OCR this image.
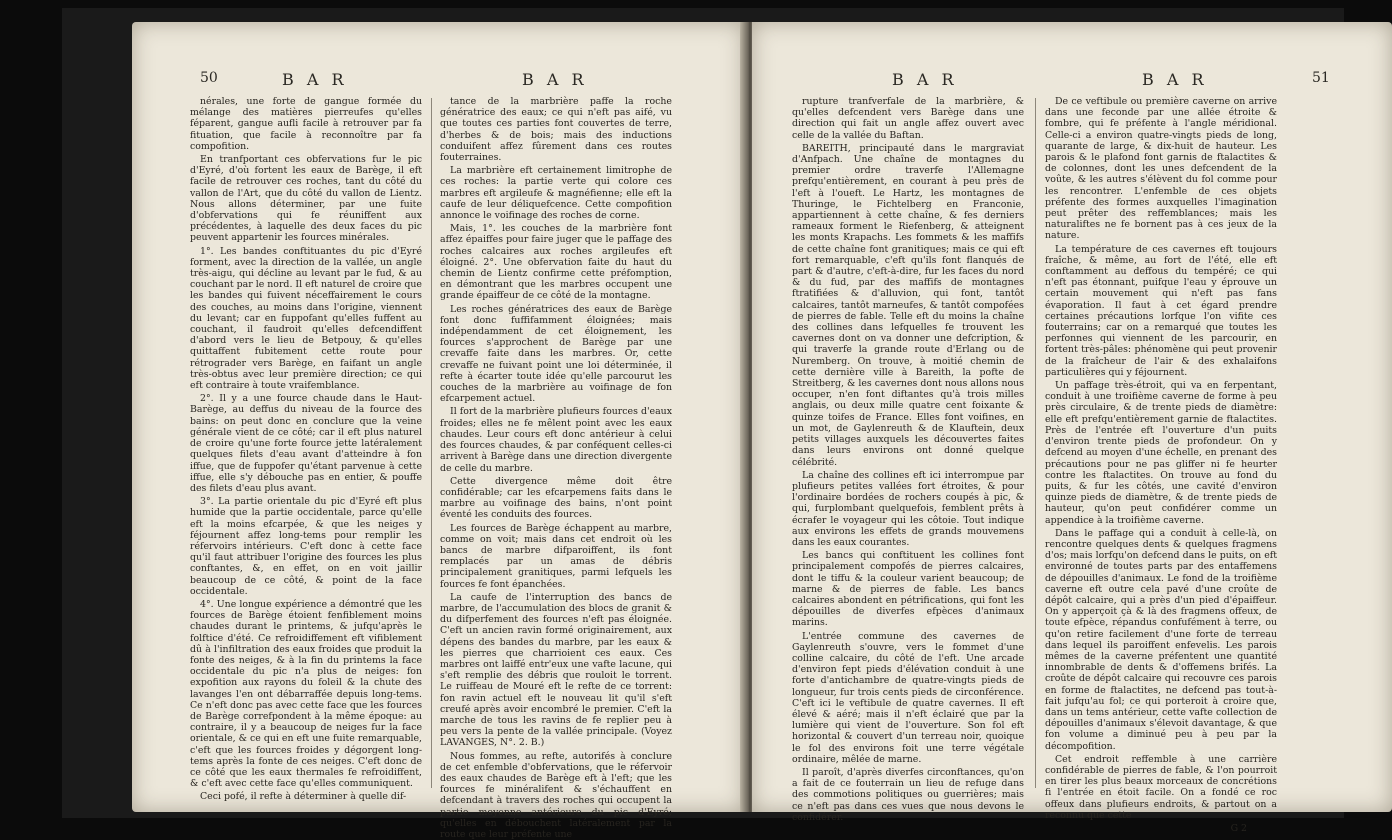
50	B A R	B A R

nérales, une forte de gangue formée du mélange des matières pierreufes qu'elles féparent, gangue aufli facile à retrouver par fa fituation, que facile à reconnoître par fa compofition.

En tranfportant ces obfervations fur le pic d'Eyré, d'où fortent les eaux de Barège, il eft facile de retrouver ces roches, tant du côté du vallon de l'Art, que du côté du vallon de Lientz. Nous allons déterminer, par une fuite d'obfervations qui fe réuniffent aux précédentes, à laquelle des deux faces du pic peuvent appartenir les fources minérales.

1°. Les bandes conftituantes du pic d'Eyré forment, avec la direction de la vallée, un angle très-aigu, qui décline au levant par le fud, & au couchant par le nord. Il eft naturel de croire que les bandes qui fuivent néceffairement le cours des couches, au moins dans l'origine, viennent du levant; car en fuppofant qu'elles fuffent au couchant, il faudroit qu'elles defcendiffent d'abord vers le lieu de Betpouy, & qu'elles quittaffent fubitement cette route pour rétrograder vers Barège, en faifant un angle très-obtus avec leur première direction; ce qui eft contraire à toute vraifemblance.

2°. Il y a une fource chaude dans le Haut-Barège, au deffus du niveau de la fource des bains: on peut donc en conclure que la veine générale vient de ce côté; car il eft plus naturel de croire qu'une forte fource jette latéralement quelques filets d'eau avant d'atteindre à fon iffue, que de fuppofer qu'étant parvenue à cette iffue, elle s'y débouche pas en entier, & pouffe des filets d'eau plus avant.

3°. La partie orientale du pic d'Eyré eft plus humide que la partie occidentale, parce qu'elle eft la moins efcarpée, & que les neiges y féjournent affez long-tems pour remplir les réfervoirs intérieurs. C'eft donc à cette face qu'il faut attribuer l'origine des fources les plus conftantes, &, en effet, on en voit jaillir beaucoup de ce côté, & point de la face occidentale.

4°. Une longue expérience a démontré que les fources de Barège étoient fenfiblement moins chaudes durant le printems, & jufqu'après le folftice d'été. Ce refroidiffement eft vifiblement dû à l'infiltration des eaux froides que produit la fonte des neiges, & à la fin du printems la face occidentale du pic n'a plus de neiges: fon expofition aux rayons du foleil & la chute des lavanges l'en ont débarraffée depuis long-tems. Ce n'eft donc pas avec cette face que les fources de Barège correfpondent à la même époque: au contraire, il y a beaucoup de neiges fur la face orientale, & ce qui en eft une fuite remarquable, c'eft que les fources froides y dégorgent long-tems après la fonte de ces neiges. C'eft donc de ce côté que les eaux thermales fe refroidiffent, & c'eft avec cette face qu'elles communiquent.

Ceci pofé, il refte à déterminer à quelle dif-

tance de la marbrière paffe la roche génératrice des eaux; ce qui n'eft pas aifé, vu que toutes ces parties font couvertes de terre, d'herbes & de bois; mais des inductions conduifent affez fûrement dans ces routes fouterraines.

La marbrière eft certainement limitrophe de ces roches: la partie verte qui colore ces marbres eft argileufe & magnéfienne; elle eft la caufe de leur déliquefcence. Cette compofition annonce le voifinage des roches de corne.

Mais, 1°. les couches de la marbrière font affez épaiffes pour faire juger que le paffage des roches calcaires aux roches argileufes eft éloigné. 2°. Une obfervation faite du haut du chemin de Lientz confirme cette préfomption, en démontrant que les marbres occupent une grande épaiffeur de ce côté de la montagne.

Les roches génératrices des eaux de Barège font donc fuffifamment éloignées; mais indépendamment de cet éloignement, les fources s'approchent de Barège par une crevaffe faite dans les marbres. Or, cette crevaffe ne fuivant point une loi déterminée, il refte à écarter toute idée qu'elle parcourut les couches de la marbrière au voifinage de fon efcarpement actuel.

Il fort de la marbrière plufieurs fources d'eaux froides; elles ne fe mêlent point avec les eaux chaudes. Leur cours eft donc antérieur à celui des fources chaudes, & par conféquent celles-ci arrivent à Barège dans une direction divergente de celle du marbre.

Cette divergence même doit être confidérable; car les efcarpemens faits dans le marbre au voifinage des bains, n'ont point éventé les conduits des fources.

Les fources de Barège échappent au marbre, comme on voit; mais dans cet endroit où les bancs de marbre difparoiffent, ils font remplacés par un amas de débris principalement granitiques, parmi lefquels les fources fe font épanchées.

La caufe de l'interruption des bancs de marbre, de l'accumulation des blocs de granit & du difperfement des fources n'eft pas éloignée. C'eft un ancien ravin formé originairement, aux dépens des bandes du marbre, par les eaux & les pierres que charrioient ces eaux. Ces marbres ont laiffé entr'eux une vafte lacune, qui s'eft remplie des débris que rouloit le torrent. Le ruiffeau de Mouré eft le refte de ce torrent: fon ravin actuel eft le nouveau lit qu'il s'eft creufé après avoir encombré le premier. C'eft la marche de tous les ravins de fe replier peu à peu vers la pente de la vallée principale. (Voyez LAVANGES, N°. 2. B.)

Nous fommes, au refte, autorifés à conclure de cet enfemble d'obfervations, que le réfervoir des eaux chaudes de Barège eft à l'eft; que les fources fe minéralifent & s'échauffent en defcendant à travers des roches qui occupent la partie moyenne antérieure du pic d'Eyré; qu'elles en débouchent latéralement par la route que leur préfente une

B A R	B A R	51

rupture tranfverfale de la marbrière, & qu'elles defcendent vers Barège dans une direction qui fait un angle affez ouvert avec celle de la vallée du Baftan.

BAREITH, principauté dans le margraviat d'Anfpach. Une chaîne de montagnes du premier ordre traverfe l'Allemagne prefqu'entièrement, en courant à peu près de l'eft à l'oueft. Le Hartz, les montagnes de Thuringe, le Fichtelberg en Franconie, appartiennent à cette chaîne, & fes derniers rameaux forment le Riefenberg, & atteignent les monts Krapachs. Les fommets & les maffifs de cette chaîne font granitiques; mais ce qui eft fort remarquable, c'eft qu'ils font flanqués de part & d'autre, c'eft-à-dire, fur les faces du nord & du fud, par des maffifs de montagnes ftratifiées & d'alluvion, qui font, tantôt calcaires, tantôt marneufes, & tantôt compofées de pierres de fable. Telle eft du moins la chaîne des collines dans lefquelles fe trouvent les cavernes dont on va donner une defcription, & qui traverfe la grande route d'Erlang ou de Nuremberg. On trouve, à moitié chemin de cette dernière ville à Bareith, la pofte de Streitberg, & les cavernes dont nous allons nous occuper, n'en font diftantes qu'à trois milles anglais, ou deux mille quatre cent foixante & quinze toifes de France. Elles font voifines, en un mot, de Gaylenreuth & de Klauftein, deux petits villages auxquels les découvertes faites dans leurs environs ont donné quelque célébrité.

La chaîne des collines eft ici interrompue par plufieurs petites vallées fort étroites, & pour l'ordinaire bordées de rochers coupés à pic, & qui, furplombant quelquefois, femblent prêts à écrafer le voyageur qui les côtoie. Tout indique aux environs les effets de grands mouvemens dans les eaux courantes.

Les bancs qui conftituent les collines font principalement compofés de pierres calcaires, dont le tiffu & la couleur varient beaucoup; de marne & de pierres de fable. Les bancs calcaires abondent en pétrifications, qui font les dépouilles de diverfes efpèces d'animaux marins.

L'entrée commune des cavernes de Gaylenreuth s'ouvre, vers le fommet d'une colline calcaire, du côté de l'eft. Une arcade d'environ fept pieds d'élévation conduit à une forte d'antichambre de quatre-vingts pieds de longueur, fur trois cents pieds de circonférence. C'eft ici le veftibule de quatre cavernes. Il eft élevé & aéré; mais il n'eft éclairé que par la lumière qui vient de l'ouverture. Son fol eft horizontal & couvert d'un terreau noir, quoique le fol des environs foit une terre végétale ordinaire, mêlée de marne.

Il paroît, d'après diverfes circonftances, qu'on a fait de ce fouterrain un lieu de refuge dans des commotions politiques ou guerrières; mais ce n'eft pas dans ces vues que nous devons le confidérer.

De ce veftibule ou première caverne on arrive dans une feconde par une allée étroite & fombre, qui fe préfente à l'angle méridional. Celle-ci a environ quatre-vingts pieds de long, quarante de large, & dix-huit de hauteur. Les parois & le plafond font garnis de ftalactites & de colonnes, dont les unes defcendent de la voûte, & les autres s'élèvent du fol comme pour les rencontrer. L'enfemble de ces objets préfente des formes auxquelles l'imagination peut prêter des reffemblances; mais les naturaliftes ne fe bornent pas à ces jeux de la nature.

La température de ces cavernes eft toujours fraîche, & même, au fort de l'été, elle eft conftamment au deffous du tempéré; ce qui n'eft pas étonnant, puifque l'eau y éprouve un certain mouvement qui n'eft pas fans évaporation. Il faut à cet égard prendre certaines précautions lorfque l'on vifite ces fouterrains; car on a remarqué que toutes les perfonnes qui viennent de les parcourir, en fortent très-pâles: phénomène qui peut provenir de la fraîcheur de l'air & des exhalaifons particulières qui y féjournent.

Un paffage très-étroit, qui va en ferpentant, conduit à une troifième caverne de forme à peu près circulaire, & de trente pieds de diamètre: elle eft prefqu'entièrement garnie de ftalactites. Près de l'entrée eft l'ouverture d'un puits d'environ trente pieds de profondeur. On y defcend au moyen d'une échelle, en prenant des précautions pour ne pas gliffer ni fe heurter contre les ftalactites. On trouve au fond du puits, & fur les côtés, une cavité d'environ quinze pieds de diamètre, & de trente pieds de hauteur, qu'on peut confidérer comme un appendice à la troifième caverne.

Dans le paffage qui a conduit à celle-là, on rencontre quelques dents & quelques fragmens d'os; mais lorfqu'on defcend dans le puits, on eft environné de toutes parts par des entaffemens de dépouilles d'animaux. Le fond de la troifième caverne eft outre cela pavé d'une croûte de dépôt calcaire, qui a près d'un pied d'épaiffeur. On y apperçoit çà & là des fragmens offeux, de toute efpèce, répandus confufément à terre, ou qu'on retire facilement d'une forte de terreau dans lequel ils paroiffent enfevelis. Les parois mêmes de la caverne préfentent une quantité innombrable de dents & d'offemens brifés. La croûte de dépôt calcaire qui recouvre ces parois en forme de ftalactites, ne defcend pas tout-à-fait jufqu'au fol; ce qui porteroit à croire que, dans un tems antérieur, cette vafte collection de dépouilles d'animaux s'élevoit davantage, & que fon volume a diminué peu à peu par la décompofition.

Cet endroit reffemble à une carrière confidérable de pierres de fable, & l'on pourroit en tirer les plus beaux morceaux de concrétions fi l'entrée en étoit facile. On a fondé ce roc offeux dans plufieurs endroits, & partout on a reconnu que cette

G 2
